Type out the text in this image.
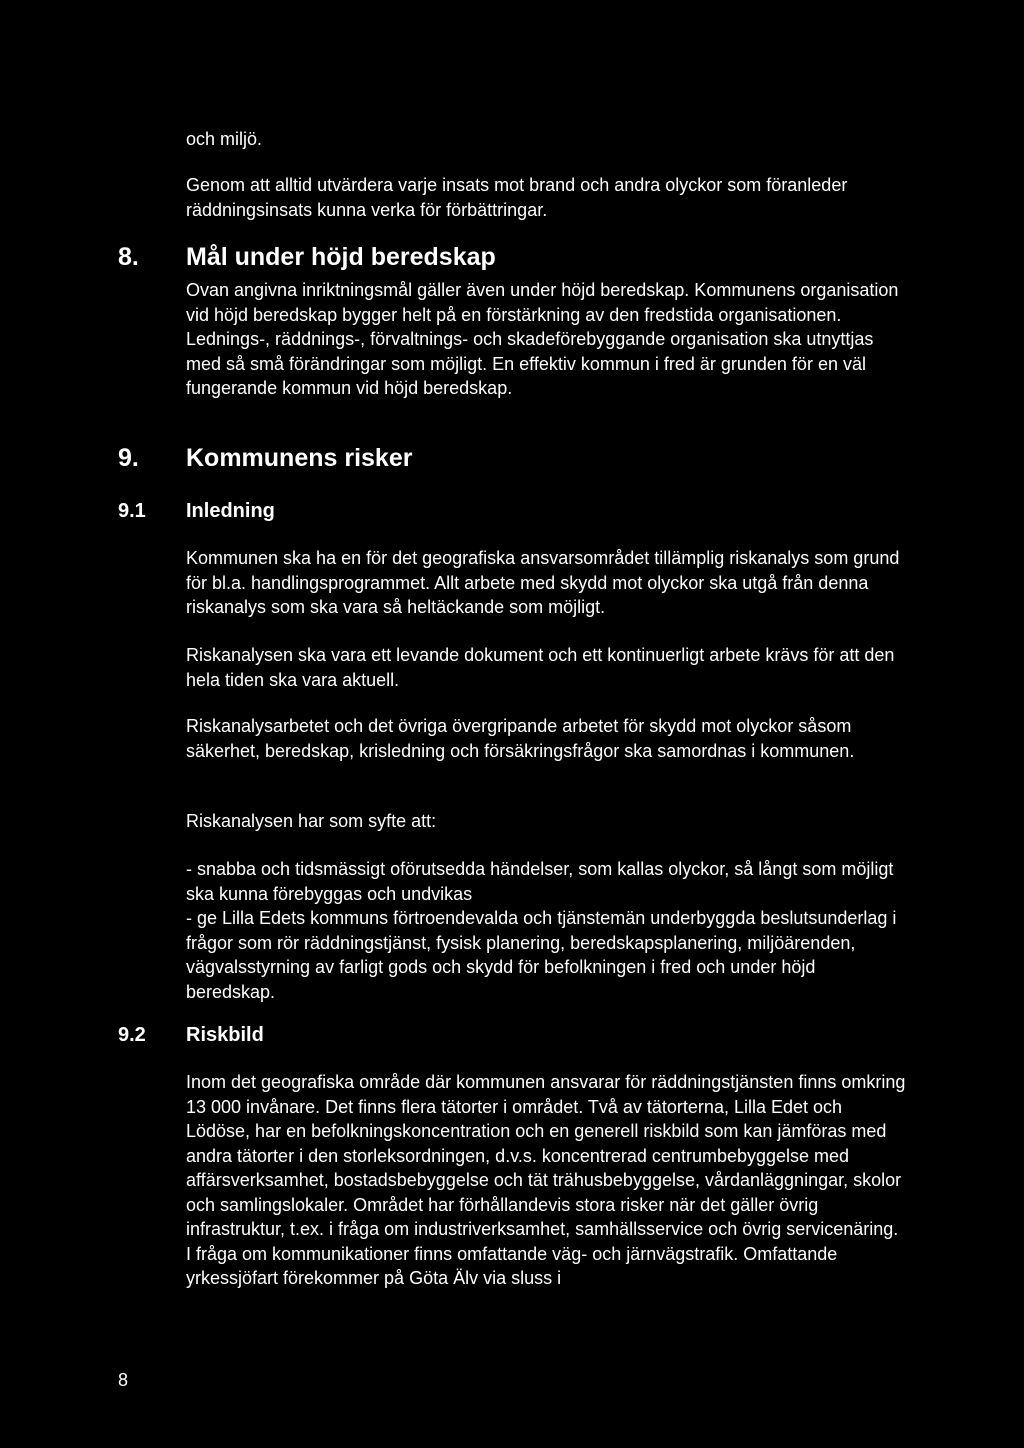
och miljö.

Genom att alltid utvärdera varje insats mot brand och andra olyckor som föranleder räddningsinsats kunna verka för förbättringar.

8. Mål under höjd beredskap

Ovan angivna inriktningsmål gäller även under höjd beredskap. Kommunens organisation vid höjd beredskap bygger helt på en förstärkning av den fredstida organisationen. Lednings-, räddnings-, förvaltnings- och skadeförebyggande organisation ska utnyttjas med så små förändringar som möjligt. En effektiv kommun i fred är grunden för en väl fungerande kommun vid höjd beredskap.

9. Kommunens risker
9.1 Inledning

Kommunen ska ha en för det geografiska ansvarsområdet tillämplig riskanalys som grund för bl.a. handlingsprogrammet. Allt arbete med skydd mot olyckor ska utgå från denna riskanalys som ska vara så heltäckande som möjligt.

Riskanalysen ska vara ett levande dokument och ett kontinuerligt arbete krävs för att den hela tiden ska vara aktuell.

Riskanalysarbetet och det övriga övergripande arbetet för skydd mot olyckor såsom säkerhet, beredskap, krisledning och försäkringsfrågor ska samordnas i kommunen.

Riskanalysen har som syfte att:

- snabba och tidsmässigt oförutsedda händelser, som kallas olyckor, så långt som möjligt ska kunna förebyggas och undvikas

- ge Lilla Edets kommuns förtroendevalda och tjänstemän underbyggda beslutsunderlag i frågor som rör räddningstjänst, fysisk planering, beredskapsplanering, miljöärenden, vägvalsstyrning av farligt gods och skydd för befolkningen i fred och under höjd beredskap.

9.2 Riskbild

Inom det geografiska område där kommunen ansvarar för räddningstjänsten finns omkring 13 000 invånare. Det finns flera tätorter i området. Två av tätorterna, Lilla Edet och Lödöse, har en befolkningskoncentration och en generell riskbild som kan jämföras med andra tätorter i den storleksordningen, d.v.s. koncentrerad centrumbebyggelse med affärsverksamhet, bostadsbebyggelse och tät trähusbebyggelse, vårdanläggningar, skolor och samlingslokaler. Området har förhållandevis stora risker när det gäller övrig infrastruktur, t.ex. i fråga om industriverksamhet, samhällsservice och övrig servicenäring. I fråga om kommunikationer finns omfattande väg- och järnvägstrafik. Omfattande yrkessjöfart förekommer på Göta Älv via sluss i

8
